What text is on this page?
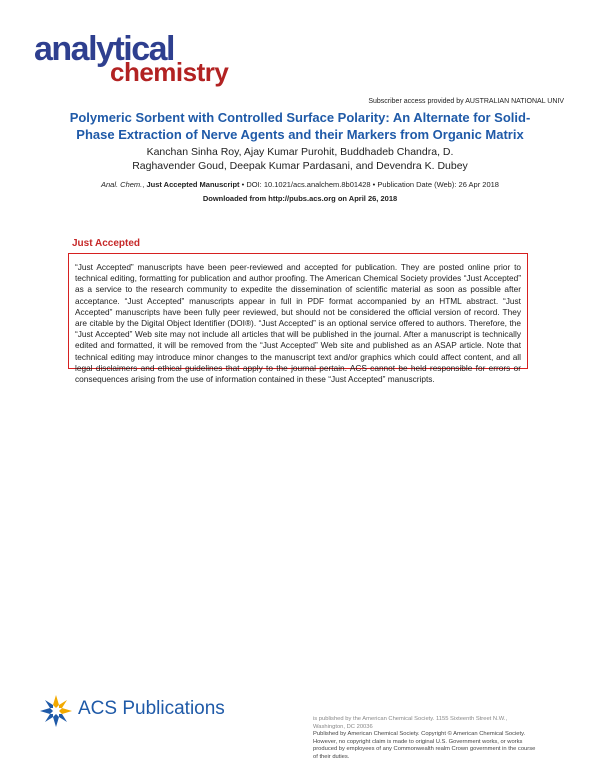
analytical
chemistry
Subscriber access provided by AUSTRALIAN NATIONAL UNIV
Polymeric Sorbent with Controlled Surface Polarity: An Alternate for Solid-
Phase Extraction of Nerve Agents and their Markers from Organic Matrix
Kanchan Sinha Roy, Ajay Kumar Purohit, Buddhadeb Chandra, D.
Raghavender Goud, Deepak Kumar Pardasani, and Devendra K. Dubey
Anal. Chem., Just Accepted Manuscript • DOI: 10.1021/acs.analchem.8b01428 • Publication Date (Web): 26 Apr 2018
Downloaded from http://pubs.acs.org on April 26, 2018
Just Accepted

“Just Accepted” manuscripts have been peer-reviewed and accepted for publication. They are posted online prior to technical editing, formatting for publication and author proofing. The American Chemical Society provides “Just Accepted” as a service to the research community to expedite the dissemination of scientific material as soon as possible after acceptance. “Just Accepted” manuscripts appear in full in PDF format accompanied by an HTML abstract. “Just Accepted” manuscripts have been fully peer reviewed, but should not be considered the official version of record. They are citable by the Digital Object Identifier (DOI®). “Just Accepted” is an optional service offered to authors. Therefore, the “Just Accepted” Web site may not include all articles that will be published in the journal. After a manuscript is technically edited and formatted, it will be removed from the “Just Accepted” Web site and published as an ASAP article. Note that technical editing may introduce minor changes to the manuscript text and/or graphics which could affect content, and all legal disclaimers and ethical guidelines that apply to the journal pertain. ACS cannot be held responsible for errors or consequences arising from the use of information contained in these “Just Accepted” manuscripts.

ACS Publications	is published by the American Chemical Society. 1155 Sixteenth Street N.W.,
Washington, DC 20036
Published by American Chemical Society. Copyright © American Chemical Society.
However, no copyright claim is made to original U.S. Government works, or works
produced by employees of any Commonwealth realm Crown government in the course
of their duties.
